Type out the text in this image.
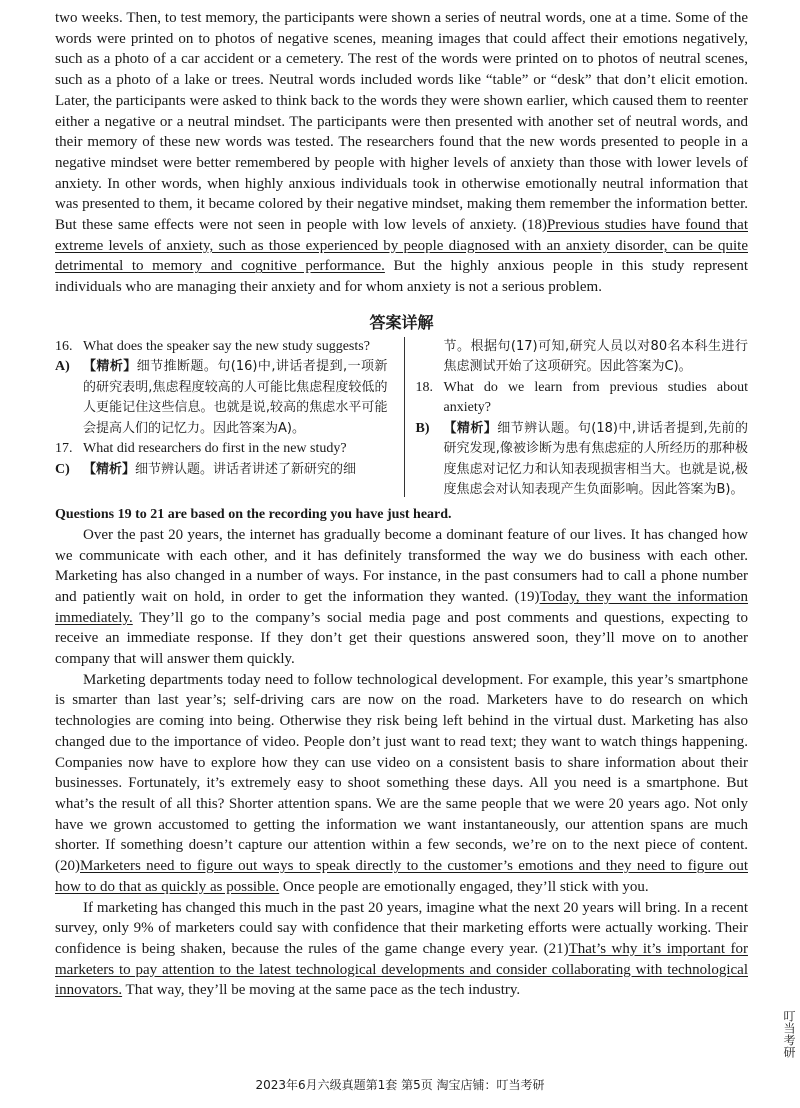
two weeks. Then, to test memory, the participants were shown a series of neutral words, one at a time. Some of the words were printed on to photos of negative scenes, meaning images that could affect their emotions negatively, such as a photo of a car accident or a cemetery. The rest of the words were printed on to photos of neutral scenes, such as a photo of a lake or trees. Neutral words included words like “table” or “desk” that don’t elicit emotion. Later, the participants were asked to think back to the words they were shown earlier, which caused them to reenter either a negative or a neutral mindset. The participants were then presented with another set of neutral words, and their memory of these new words was tested. The researchers found that the new words presented to people in a negative mindset were better remembered by people with higher levels of anxiety than those with lower levels of anxiety. In other words, when highly anxious individuals took in otherwise emotionally neutral information that was presented to them, it became colored by their negative mindset, making them remember the information better. But these same effects were not seen in people with low levels of anxiety. (18)Previous studies have found that extreme levels of anxiety, such as those experienced by people diagnosed with an anxiety disorder, can be quite detrimental to memory and cognitive performance. But the highly anxious people in this study represent individuals who are managing their anxiety and for whom anxiety is not a serious problem.

答案详解
16. What does the speaker say the new study suggests?
A)	【精析】细节推断题。句(16)中,讲话者提到,一项新的研究表明,焦虑程度较高的人可能比焦虑程度较低的人更能记住这些信息。也就是说,较高的焦虑水平可能会提高人们的记忆力。因此答案为A)。
17. What did researchers do first in the new study?
C)	【精析】细节辨认题。讲话者讲述了新研究的细
节。根据句(17)可知,研究人员以对80名本科生进行焦虑测试开始了这项研究。因此答案为C)。
18. What do we learn from previous studies about anxiety?
B)	【精析】细节辨认题。句(18)中,讲话者提到,先前的研究发现,像被诊断为患有焦虑症的人所经历的那种极度焦虑对记忆力和认知表现损害相当大。也就是说,极度焦虑会对认知表现产生负面影响。因此答案为B)。
Questions 19 to 21 are based on the recording you have just heard.

Over the past 20 years, the internet has gradually become a dominant feature of our lives. It has changed how we communicate with each other, and it has definitely transformed the way we do business with each other. Marketing has also changed in a number of ways. For instance, in the past consumers had to call a phone number and patiently wait on hold, in order to get the information they wanted. (19)Today, they want the information immediately. They’ll go to the company’s social media page and post comments and questions, expecting to receive an immediate response. If they don’t get their questions answered soon, they’ll move on to another company that will answer them quickly.

Marketing departments today need to follow technological development. For example, this year’s smartphone is smarter than last year’s; self-driving cars are now on the road. Marketers have to do research on which technologies are coming into being. Otherwise they risk being left behind in the virtual dust. Marketing has also changed due to the importance of video. People don’t just want to read text; they want to watch things happening. Companies now have to explore how they can use video on a consistent basis to share information about their businesses. Fortunately, it’s extremely easy to shoot something these days. All you need is a smartphone. But what’s the result of all this? Shorter attention spans. We are the same people that we were 20 years ago. Not only have we grown accustomed to getting the information we want instantaneously, our attention spans are much shorter. If something doesn’t capture our attention within a few seconds, we’re on to the next piece of content. (20)Marketers need to figure out ways to speak directly to the customer’s emotions and they need to figure out how to do that as quickly as possible. Once people are emotionally engaged, they’ll stick with you.

If marketing has changed this much in the past 20 years, imagine what the next 20 years will bring. In a recent survey, only 9% of marketers could say with confidence that their marketing efforts were actually working. Their confidence is being shaken, because the rules of the game change every year. (21)That’s why it’s important for marketers to pay attention to the latest technological developments and consider collaborating with technological innovators. That way, they’ll be moving at the same pace as the tech industry.

2023年6月六级真题第1套 第5页 淘宝店铺：叮当考研
叮当考研
